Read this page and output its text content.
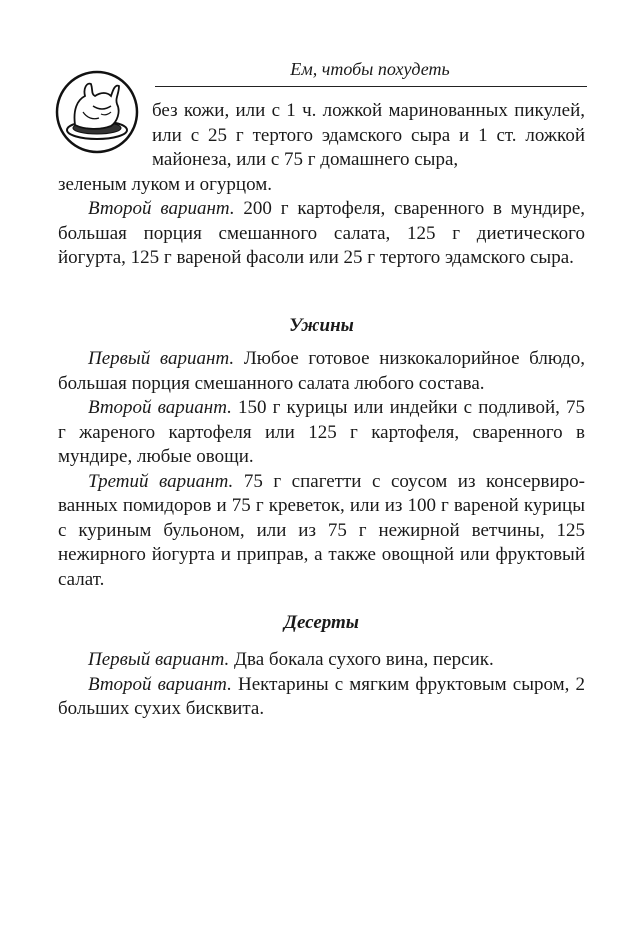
Ем, чтобы похудеть

без кожи, или с 1 ч. ложкой маринованных пикулей, или с 25 г тертого эдамского сыра и 1 ст. ложкой майонеза, или с 75 г домашнего сыра,

зеленым луком и огурцом.

Второй вариант. 200 г картофеля, сваренного в мундире, большая порция смешанного салата, 125 г диетического йогурта, 125 г вареной фасоли или 25 г тертого эдамского сыра.

Ужины

Первый вариант. Любое готовое низкокалорийное блюдо, большая порция смешанного салата любого состава.

Второй вариант. 150 г курицы или индейки с подливой, 75 г жареного картофеля или 125 г картофеля, сваренного в мундире, любые овощи.

Третий вариант. 75 г спагетти с соусом из консервированных помидоров и 75 г креветок, или из 100 г вареной курицы с куриным бульоном, или из 75 г нежирной ветчины, 125 нежирного йогурта и приправ, а также овощной или фруктовый салат.

Десерты

Первый вариант. Два бокала сухого вина, персик.

Второй вариант. Нектарины с мягким фруктовым сыром, 2 больших сухих бисквита.
